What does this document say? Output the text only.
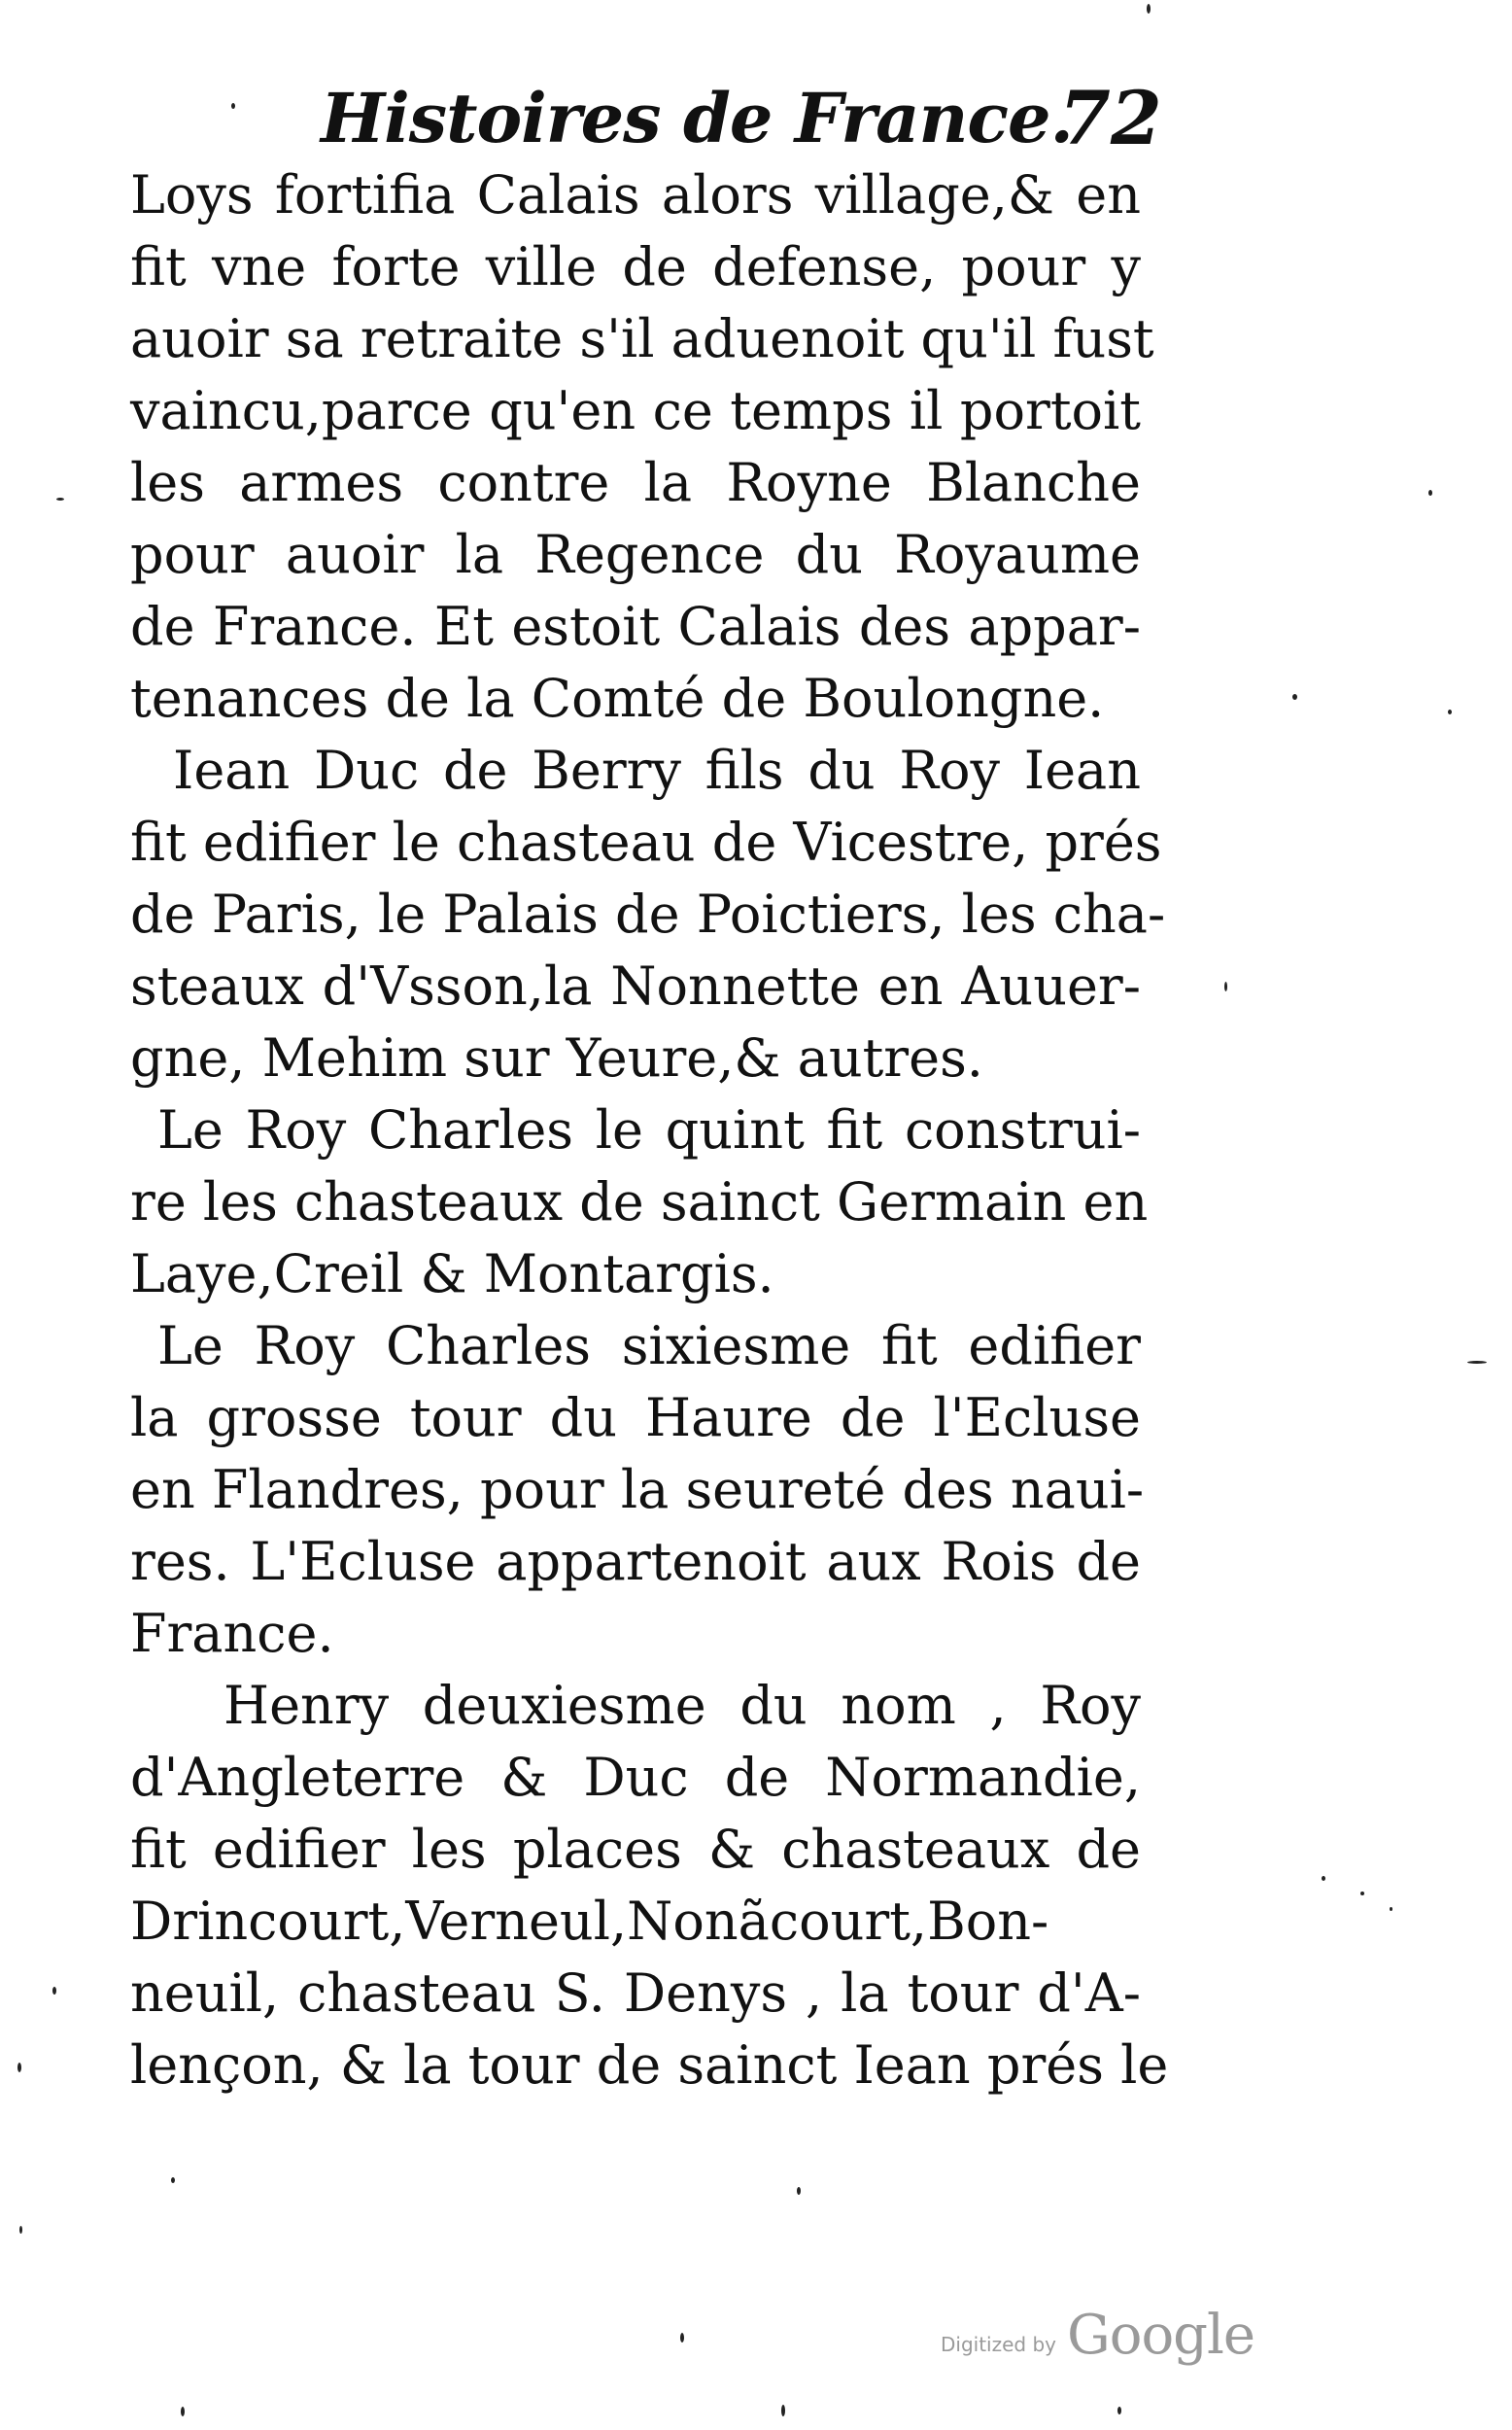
Histoires de France.
72
Loys fortifia Calais alors village,& en
fit vne forte ville de defense, pour y
auoir sa retraite s'il aduenoit qu'il fust
vaincu,parce qu'en ce temps il portoit
les armes contre la Royne Blanche
pour auoir la Regence du Royaume
de France. Et estoit Calais des appar-
tenances de la Comté de Boulongne.
Iean Duc de Berry fils du Roy Iean
fit edifier le chasteau de Vicestre, prés
de Paris, le Palais de Poictiers, les cha-
steaux d'Vsson,la Nonnette en Auuer-
gne, Mehim sur Yeure,& autres.
Le Roy Charles le quint fit construi-
re les chasteaux de sainct Germain en
Laye,Creil & Montargis.
Le Roy Charles sixiesme fit edifier
la grosse tour du Haure de l'Ecluse
en Flandres, pour la seureté des naui-
res. L'Ecluse appartenoit aux Rois de
France.
Henry deuxiesme du nom , Roy
d'Angleterre & Duc de Normandie,
fit edifier les places & chasteaux de
Drincourt,Verneul,Nonãcourt,Bon-
neuil, chasteau S. Denys , la tour d'A-
lençon, & la tour de sainct Iean prés le
Digitized by Google
